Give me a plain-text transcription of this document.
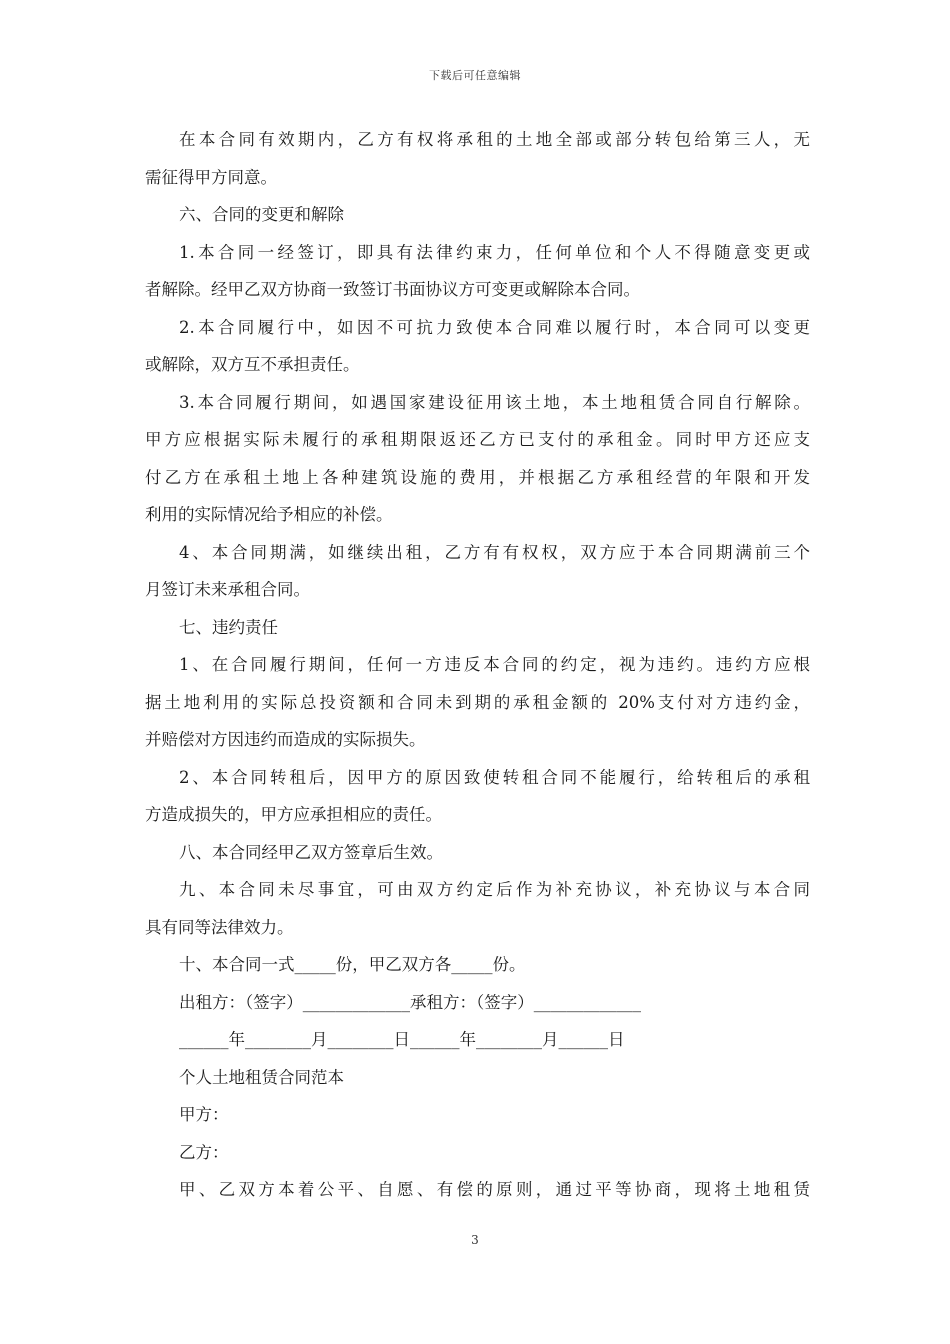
下载后可任意编辑
在本合同有效期内，乙方有权将承租的土地全部或部分转包给第三人，无
需征得甲方同意。
六、合同的变更和解除
1.本合同一经签订，即具有法律约束力，任何单位和个人不得随意变更或
者解除。经甲乙双方协商一致签订书面协议方可变更或解除本合同。
2.本合同履行中，如因不可抗力致使本合同难以履行时，本合同可以变更
或解除，双方互不承担责任。
3.本合同履行期间，如遇国家建设征用该土地，本土地租赁合同自行解除。
甲方应根据实际未履行的承租期限返还乙方已支付的承租金。同时甲方还应支
付乙方在承租土地上各种建筑设施的费用，并根据乙方承租经营的年限和开发
利用的实际情况给予相应的补偿。
4、本合同期满，如继续出租，乙方有有权权，双方应于本合同期满前三个
月签订未来承租合同。
七、违约责任
1、在合同履行期间，任何一方违反本合同的约定，视为违约。违约方应根
据土地利用的实际总投资额和合同未到期的承租金额的 20%支付对方违约金，
并赔偿对方因违约而造成的实际损失。
2、本合同转租后，因甲方的原因致使转租合同不能履行，给转租后的承租
方造成损失的，甲方应承担相应的责任。
八、本合同经甲乙双方签章后生效。
九、本合同未尽事宜，可由双方约定后作为补充协议，补充协议与本合同
具有同等法律效力。
十、本合同一式_____份，甲乙双方各_____份。
出租方：（签字）_____________承租方：（签字）_____________
______年________月________日______年________月______日
个人土地租赁合同范本
甲方：
乙方：
甲、乙双方本着公平、自愿、有偿的原则，通过平等协商，现将土地租赁
3
